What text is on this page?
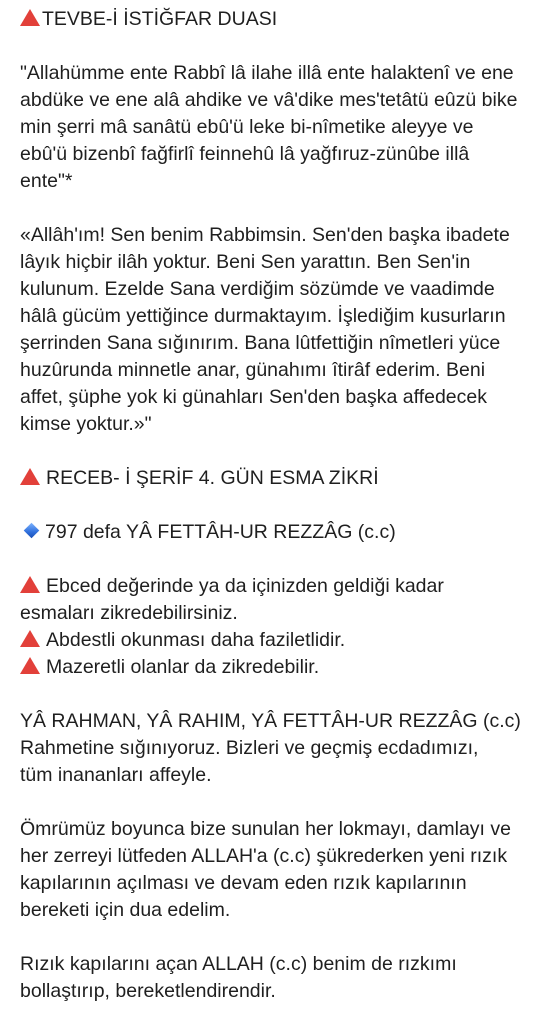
TEVBE-İ İSTİĞFAR DUASI
"Allahümme ente Rabbî lâ ilahe illâ ente halaktenî ve ene
abdüke ve ene alâ ahdike ve vâ'dike mes'tetâtü eûzü bike
min şerri mâ sanâtü ebû'ü leke bi-nîmetike aleyye ve
ebû'ü bizenbî fağfirlî feinnehû lâ yağfıruz-zünûbe illâ
ente"*
«Allâh'ım! Sen benim Rabbimsin. Sen'den başka ibadete
lâyık hiçbir ilâh yoktur. Beni Sen yarattın. Ben Sen'in
kulunum. Ezelde Sana verdiğim sözümde ve vaadimde
hâlâ gücüm yettiğince durmaktayım. İşlediğim kusurların
şerrinden Sana sığınırım. Bana lûtfettiğin nîmetleri yüce
huzûrunda minnetle anar, günahımı îtirâf ederim. Beni
affet, şüphe yok ki günahları Sen'den başka affedecek
kimse yoktur.»"
RECEB- İ ŞERİF 4. GÜN ESMA ZİKRİ
797 defa YÂ FETTÂH-UR REZZÂG (c.c)
Ebced değerinde ya da içinizden geldiği kadar
esmaları zikredebilirsiniz.
Abdestli okunması daha faziletlidir.
Mazeretli olanlar da zikredebilir.
YÂ RAHMAN, YÂ RAHIM, YÂ FETTÂH-UR REZZÂG (c.c)
Rahmetine sığınıyoruz. Bizleri ve geçmiş ecdadımızı,
tüm inananları affeyle.
Ömrümüz boyunca bize sunulan her lokmayı, damlayı ve
her zerreyi lütfeden ALLAH'a (c.c) şükrederken yeni rızık
kapılarının açılması ve devam eden rızık kapılarının
bereketi için dua edelim.
Rızık kapılarını açan ALLAH (c.c) benim de rızkımı
bollaştırıp, bereketlendirendir.
